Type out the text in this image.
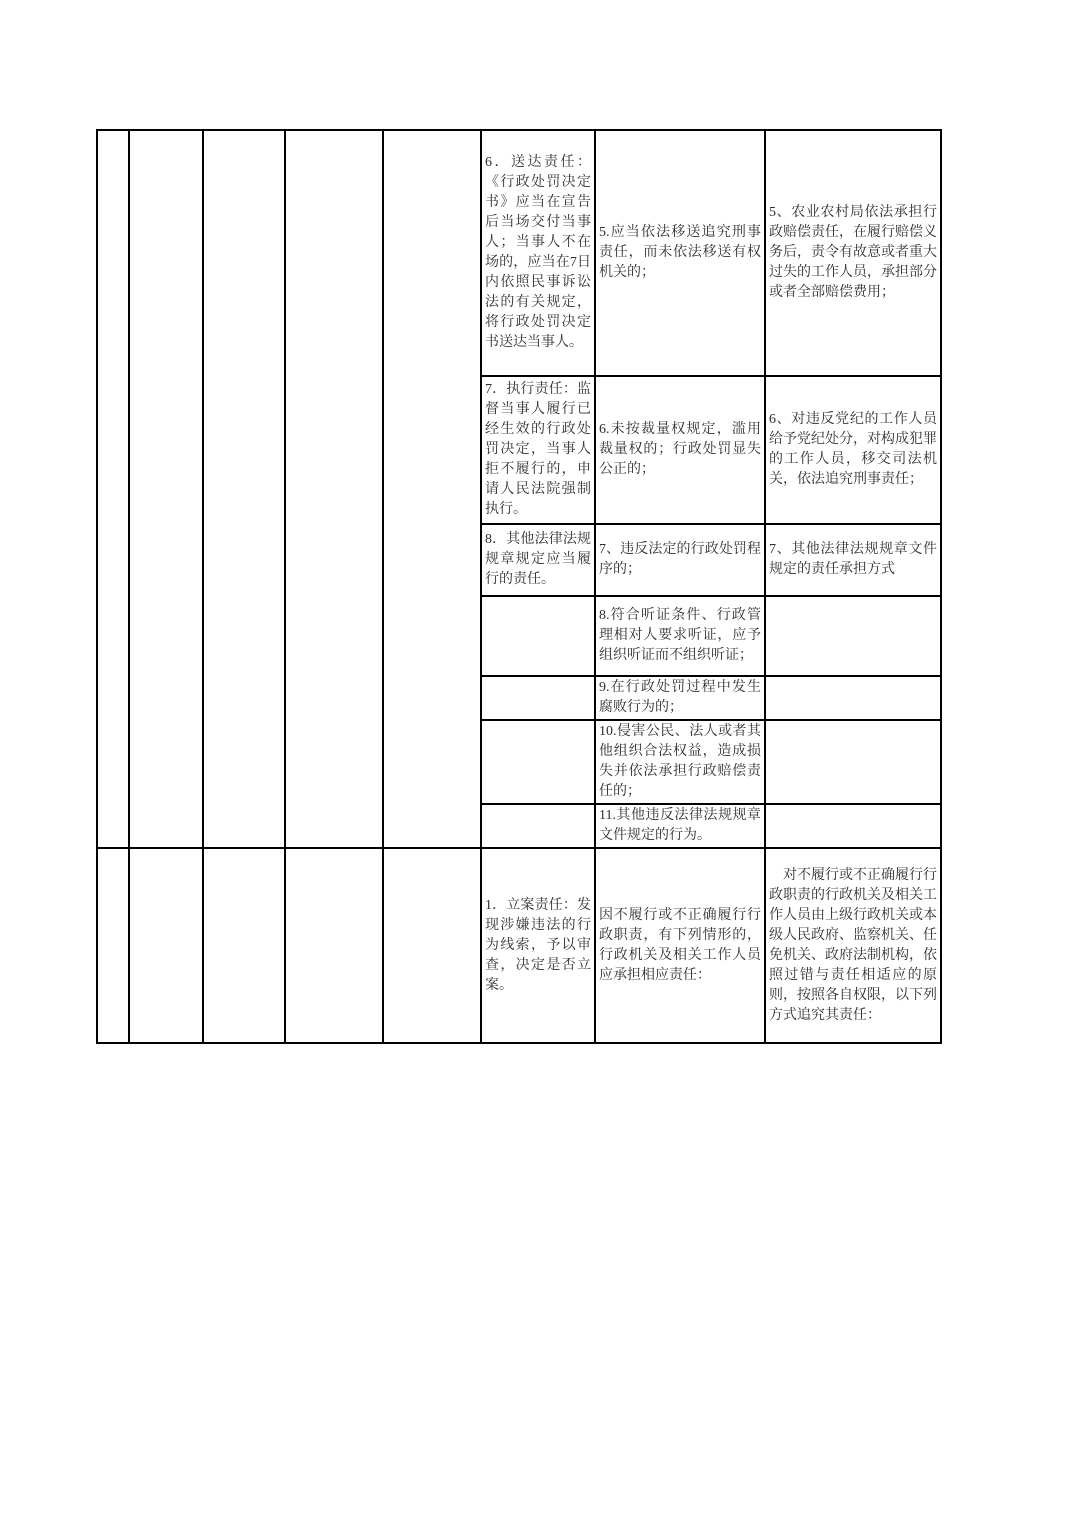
					6．送达责任：《行政处罚决定书》应当在宣告后当场交付当事人；当事人不在场的，应当在7日内依照民事诉讼法的有关规定，将行政处罚决定书送达当事人。	5.应当依法移送追究刑事责任，而未依法移送有权机关的；	5、农业农村局依法承担行政赔偿责任，在履行赔偿义务后，责令有故意或者重大过失的工作人员，承担部分或者全部赔偿费用；
					7．执行责任：监督当事人履行已经生效的行政处罚决定，当事人拒不履行的，申请人民法院强制执行。	6.未按裁量权规定，滥用裁量权的；行政处罚显失公正的；	6、对违反党纪的工作人员给予党纪处分，对构成犯罪的工作人员，移交司法机关，依法追究刑事责任；
					8．其他法律法规规章规定应当履行的责任。	7、违反法定的行政处罚程序的；	7、其他法律法规规章文件规定的责任承担方式
						8.符合听证条件、行政管理相对人要求听证，应予组织听证而不组织听证；	
						9.在行政处罚过程中发生腐败行为的；	
						10.侵害公民、法人或者其他组织合法权益，造成损失并依法承担行政赔偿责任的；	
						11.其他违反法律法规规章文件规定的行为。	
					1．立案责任：发现涉嫌违法的行为线索，予以审查，决定是否立案。	因不履行或不正确履行行政职责，有下列情形的，行政机关及相关工作人员应承担相应责任：	对不履行或不正确履行行政职责的行政机关及相关工作人员由上级行政机关或本级人民政府、监察机关、任免机关、政府法制机构，依照过错与责任相适应的原则，按照各自权限，以下列方式追究其责任：
